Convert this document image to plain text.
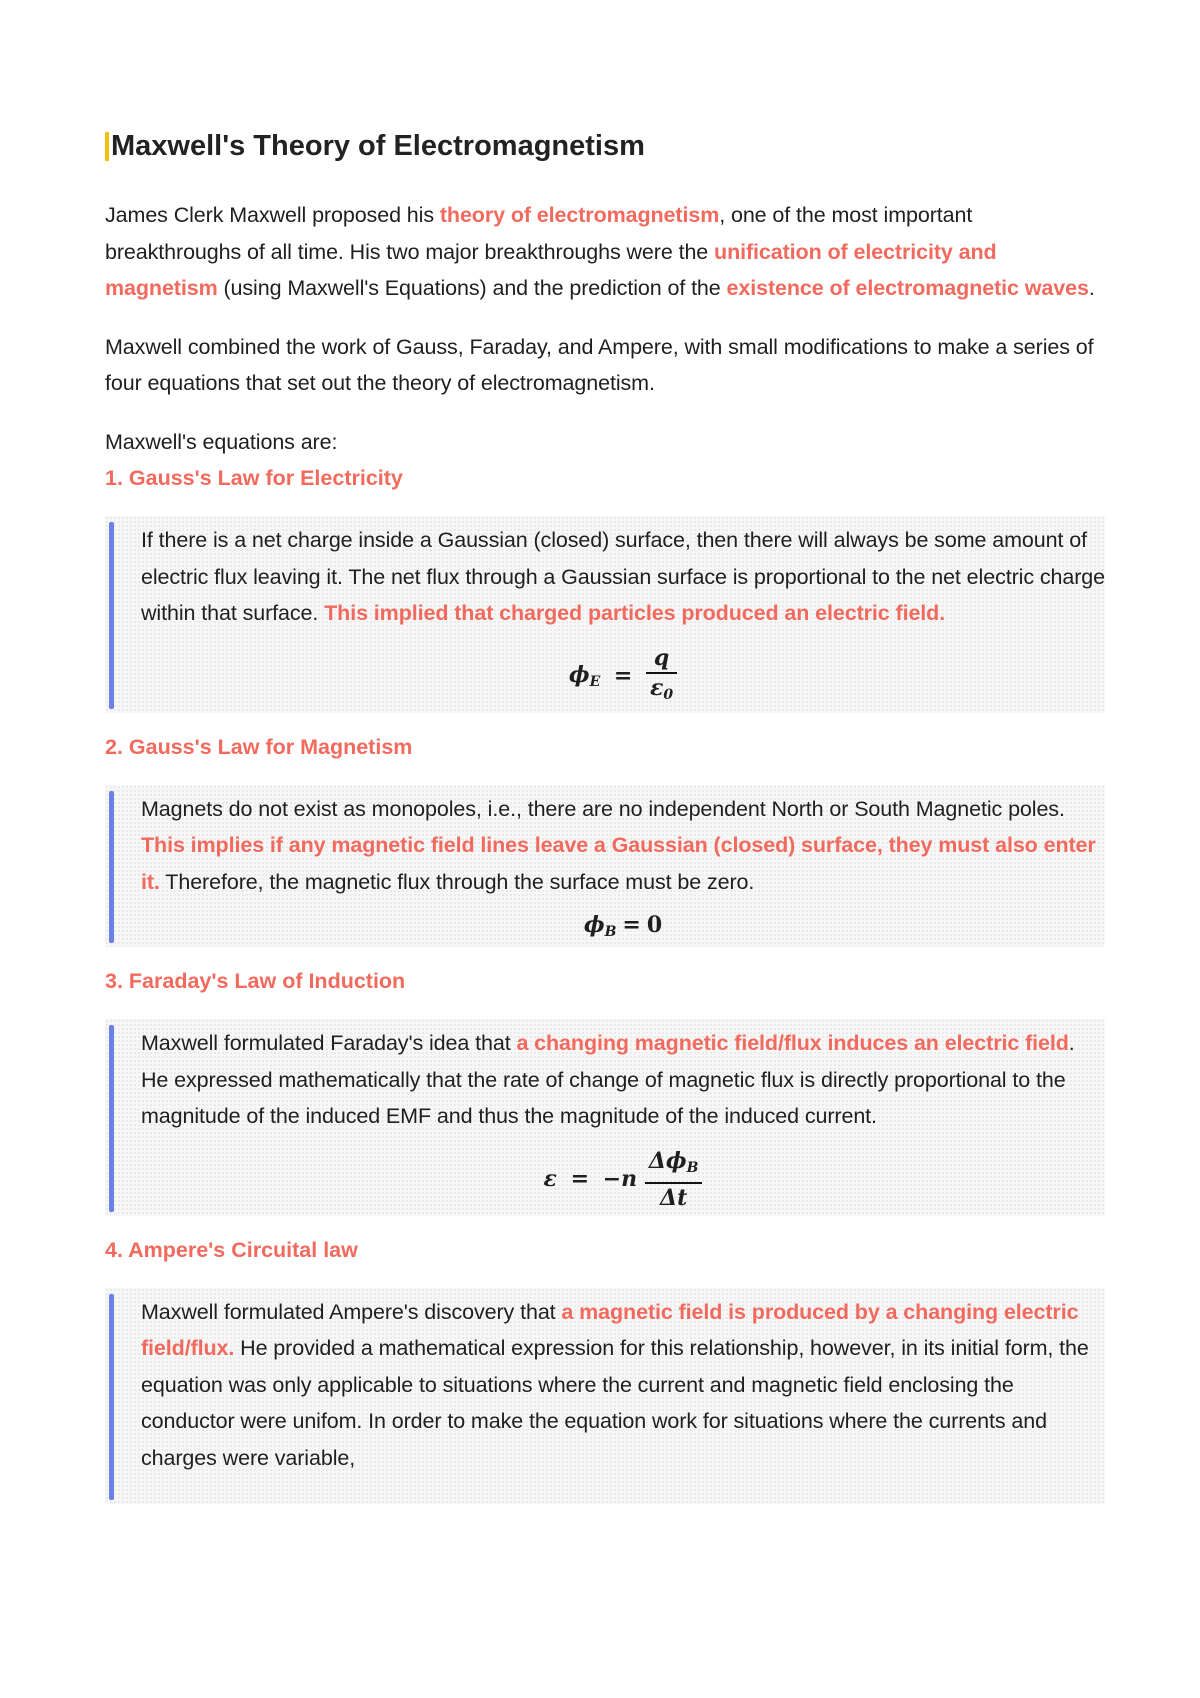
Maxwell's Theory of Electromagnetism

James Clerk Maxwell proposed his theory of electromagnetism, one of the most important breakthroughs of all time. His two major breakthroughs were the unification of electricity and magnetism (using Maxwell's Equations) and the prediction of the existence of electromagnetic waves.

Maxwell combined the work of Gauss, Faraday, and Ampere, with small modifications to make a series of four equations that set out the theory of electromagnetism.

Maxwell's equations are:

1. Gauss's Law for Electricity

If there is a net charge inside a Gaussian (closed) surface, then there will always be some amount of electric flux leaving it. The net flux through a Gaussian surface is proportional to the net electric charge within that surface. This implied that charged particles produced an electric field.

$\phi_E = \frac{q}{\varepsilon_0}$
2. Gauss's Law for Magnetism

Magnets do not exist as monopoles, i.e., there are no independent North or South Magnetic poles. This implies if any magnetic field lines leave a Gaussian (closed) surface, they must also enter it. Therefore, the magnetic flux through the surface must be zero.

$\phi_B = 0$
3. Faraday's Law of Induction

Maxwell formulated Faraday's idea that a changing magnetic field/flux induces an electric field. He expressed mathematically that the rate of change of magnetic flux is directly proportional to the magnitude of the induced EMF and thus the magnitude of the induced current.

$\varepsilon = -n \frac{\Delta\phi_B}{\Delta t}$
4. Ampere's Circuital law

Maxwell formulated Ampere's discovery that a magnetic field is produced by a changing electric field/flux. He provided a mathematical expression for this relationship, however, in its initial form, the equation was only applicable to situations where the current and magnetic field enclosing the conductor were unifom. In order to make the equation work for situations where the currents and charges were variable,
